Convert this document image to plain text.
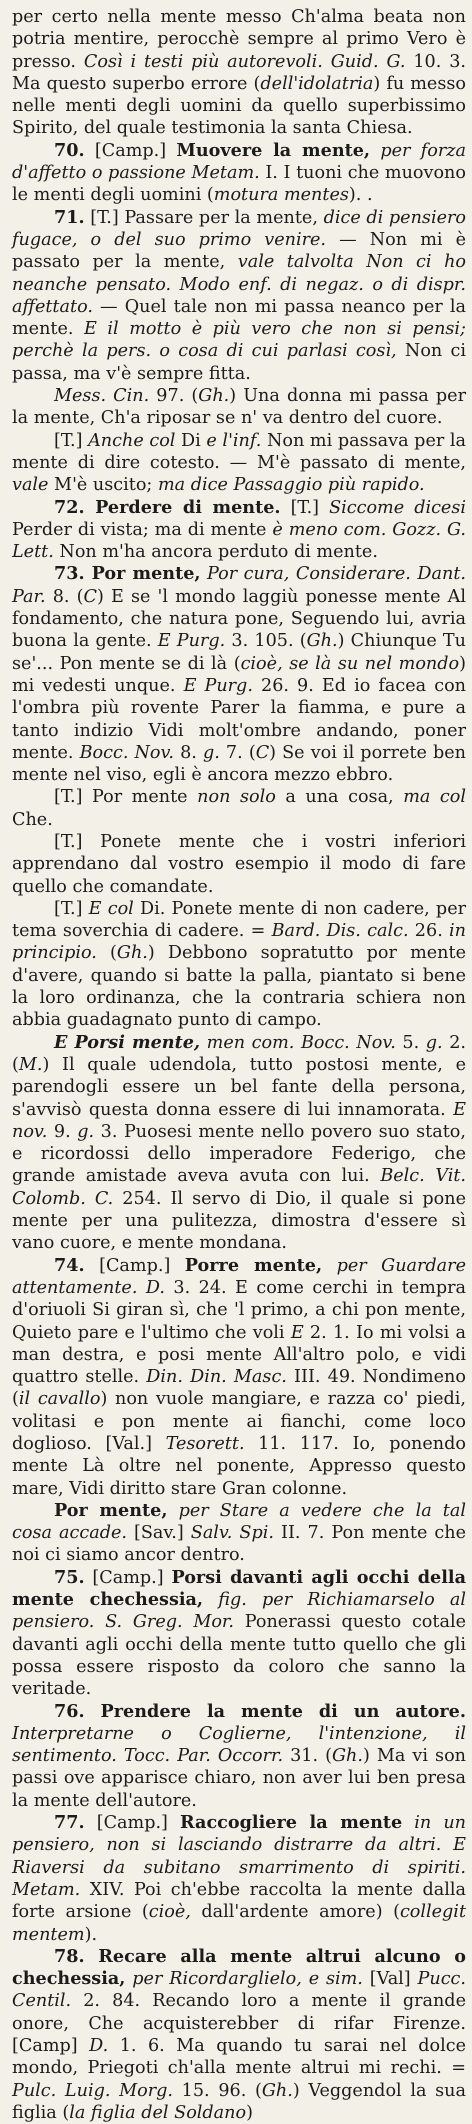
per certo nella mente messo Ch'alma beata non potria mentire, perocchè sempre al primo Vero è presso. Così i testi più autorevoli. Guid. G. 10. 3. Ma questo superbo errore (dell'idolatria) fu messo nelle menti degli uomini da quello superbissimo Spirito, del quale testimonia la santa Chiesa.

70. [Camp.] Muovere la mente, per forza d'affetto o passione Metam. I. I tuoni che muovono le menti degli uomini (motura mentes). .

71. [T.] Passare per la mente, dice di pensiero fugace, o del suo primo venire. — Non mi è passato per la mente, vale talvolta Non ci ho neanche pensato. Modo enf. di negaz. o di dispr. affettato. — Quel tale non mi passa neanco per la mente. E il motto è più vero che non si pensi; perchè la pers. o cosa di cui parlasi così, Non ci passa, ma v'è sempre fitta.

Mess. Cin. 97. (Gh.) Una donna mi passa per la mente, Ch'a riposar se n' va dentro del cuore.

[T.] Anche col Di e l'inf. Non mi passava per la mente di dire cotesto. — M'è passato di mente, vale M'è uscito; ma dice Passaggio più rapido.

72. Perdere di mente. [T.] Siccome dicesi Perder di vista; ma di mente è meno com. Gozz. G. Lett. Non m'ha ancora perduto di mente.

73. Por mente, Por cura, Considerare. Dant. Par. 8. (C) E se 'l mondo laggiù ponesse mente Al fondamento, che natura pone, Seguendo lui, avria buona la gente. E Purg. 3. 105. (Gh.) Chiunque Tu se'... Pon mente se di là (cioè, se là su nel mondo) mi vedesti unque. E Purg. 26. 9. Ed io facea con l'ombra più rovente Parer la fiamma, e pure a tanto indizio Vidi molt'ombre andando, poner mente. Bocc. Nov. 8. g. 7. (C) Se voi il porrete ben mente nel viso, egli è ancora mezzo ebbro.

[T.] Por mente non solo a una cosa, ma col Che.

[T.] Ponete mente che i vostri inferiori apprendano dal vostro esempio il modo di fare quello che comandate.

[T.] E col Di. Ponete mente di non cadere, per tema soverchia di cadere. = Bard. Dis. calc. 26. in principio. (Gh.) Debbono sopratutto por mente d'avere, quando si batte la palla, piantato si bene la loro ordinanza, che la contraria schiera non abbia guadagnato punto di campo.

E Porsi mente, men com. Bocc. Nov. 5. g. 2. (M.) Il quale udendola, tutto postosi mente, e parendogli essere un bel fante della persona, s'avvisò questa donna essere di lui innamorata. E nov. 9. g. 3. Puosesi mente nello povero suo stato, e ricordossi dello imperadore Federigo, che grande amistade aveva avuta con lui. Belc. Vit. Colomb. C. 254. Il servo di Dio, il quale si pone mente per una pulitezza, dimostra d'essere sì vano cuore, e mente mondana.

74. [Camp.] Porre mente, per Guardare attentamente. D. 3. 24. E come cerchi in tempra d'oriuoli Si giran sì, che 'l primo, a chi pon mente, Quieto pare e l'ultimo che voli E 2. 1. Io mi volsi a man destra, e posi mente All'altro polo, e vidi quattro stelle. Din. Din. Masc. III. 49. Nondimeno (il cavallo) non vuole mangiare, e razza co' piedi, volitasi e pon mente ai fianchi, come loco doglioso. [Val.] Tesorett. 11. 117. Io, ponendo mente Là oltre nel ponente, Appresso questo mare, Vidi diritto stare Gran colonne.

Por mente, per Stare a vedere che la tal cosa accade. [Sav.] Salv. Spi. II. 7. Pon mente che noi ci siamo ancor dentro.

75. [Camp.] Porsi davanti agli occhi della mente chechessia, fig. per Richiamarselo al pensiero. S. Greg. Mor. Ponerassi questo cotale davanti agli occhi della mente tutto quello che gli possa essere risposto da coloro che sanno la veritade.

76. Prendere la mente di un autore. Interpretarne o Coglierne, l'intenzione, il sentimento. Tocc. Par. Occorr. 31. (Gh.) Ma vi son passi ove apparisce chiaro, non aver lui ben presa la mente dell'autore.

77. [Camp.] Raccogliere la mente in un pensiero, non si lasciando distrarre da altri. E Riaversi da subitano smarrimento di spiriti. Metam. XIV. Poi ch'ebbe raccolta la mente dalla forte arsione (cioè, dall'ardente amore) (collegit mentem).

78. Recare alla mente altrui alcuno o chechessia, per Ricordarglielo, e sim. [Val] Pucc. Centil. 2. 84. Recando loro a mente il grande onore, Che acquisterebber di rifar Firenze. [Camp] D. 1. 6. Ma quando tu sarai nel dolce mondo, Priegoti ch'alla mente altrui mi rechi. = Pulc. Luig. Morg. 15. 96. (Gh.) Veggendol la sua figlia (la figlia del Soldano)
